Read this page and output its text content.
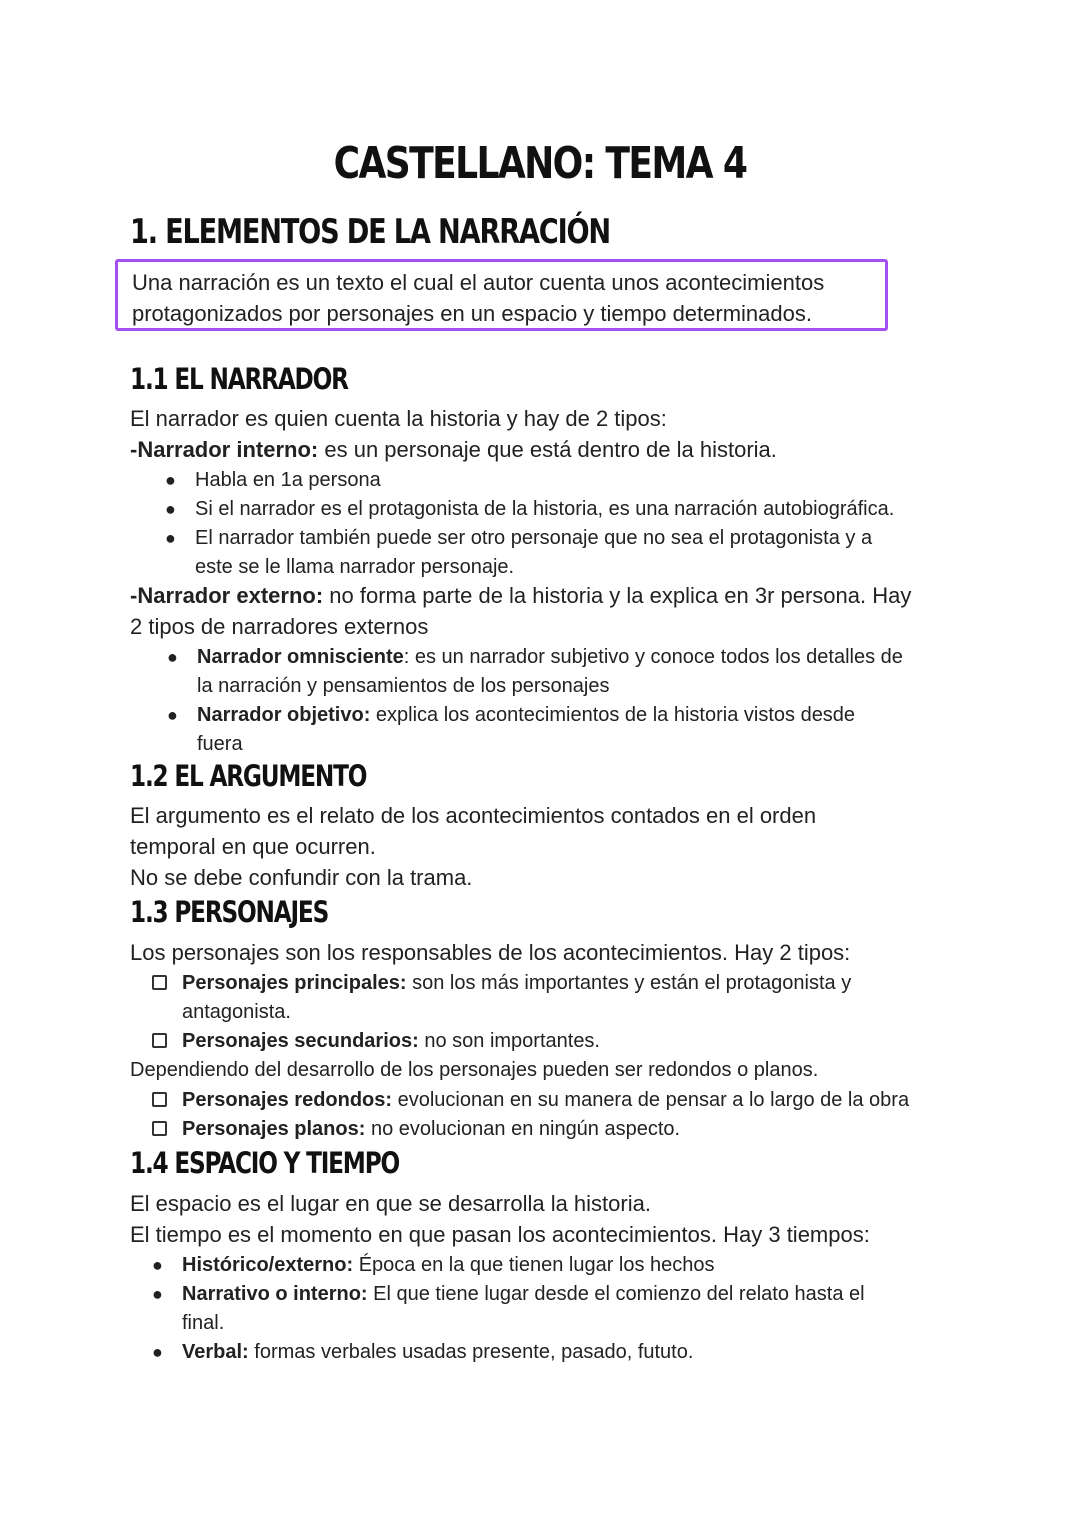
CASTELLANO: TEMA 4
1. ELEMENTOS DE LA NARRACIÓN
Una narración es un texto el cual el autor cuenta unos acontecimientos
protagonizados por personajes en un espacio y tiempo determinados.
1.1 EL NARRADOR
El narrador es quien cuenta la historia y hay de 2 tipos:
-Narrador interno: es un personaje que está dentro de la historia.
● Habla en 1a persona
● Si el narrador es el protagonista de la historia, es una narración autobiográfica.
● El narrador también puede ser otro personaje que no sea el protagonista y a
este se le llama narrador personaje.
-Narrador externo: no forma parte de la historia y la explica en 3r persona. Hay
2 tipos de narradores externos
● Narrador omnisciente: es un narrador subjetivo y conoce todos los detalles de
la narración y pensamientos de los personajes
● Narrador objetivo: explica los acontecimientos de la historia vistos desde
fuera
1.2 EL ARGUMENTO
El argumento es el relato de los acontecimientos contados en el orden
temporal en que ocurren.
No se debe confundir con la trama.
1.3 PERSONAJES
Los personajes son los responsables de los acontecimientos. Hay 2 tipos:
Personajes principales: son los más importantes y están el protagonista y
antagonista.
Personajes secundarios: no son importantes.
Dependiendo del desarrollo de los personajes pueden ser redondos o planos.
Personajes redondos: evolucionan en su manera de pensar a lo largo de la obra
Personajes planos: no evolucionan en ningún aspecto.
1.4 ESPACIO Y TIEMPO
El espacio es el lugar en que se desarrolla la historia.
El tiempo es el momento en que pasan los acontecimientos. Hay 3 tiempos:
● Histórico/externo: Época en la que tienen lugar los hechos
● Narrativo o interno: El que tiene lugar desde el comienzo del relato hasta el
final.
● Verbal: formas verbales usadas presente, pasado, fututo.
